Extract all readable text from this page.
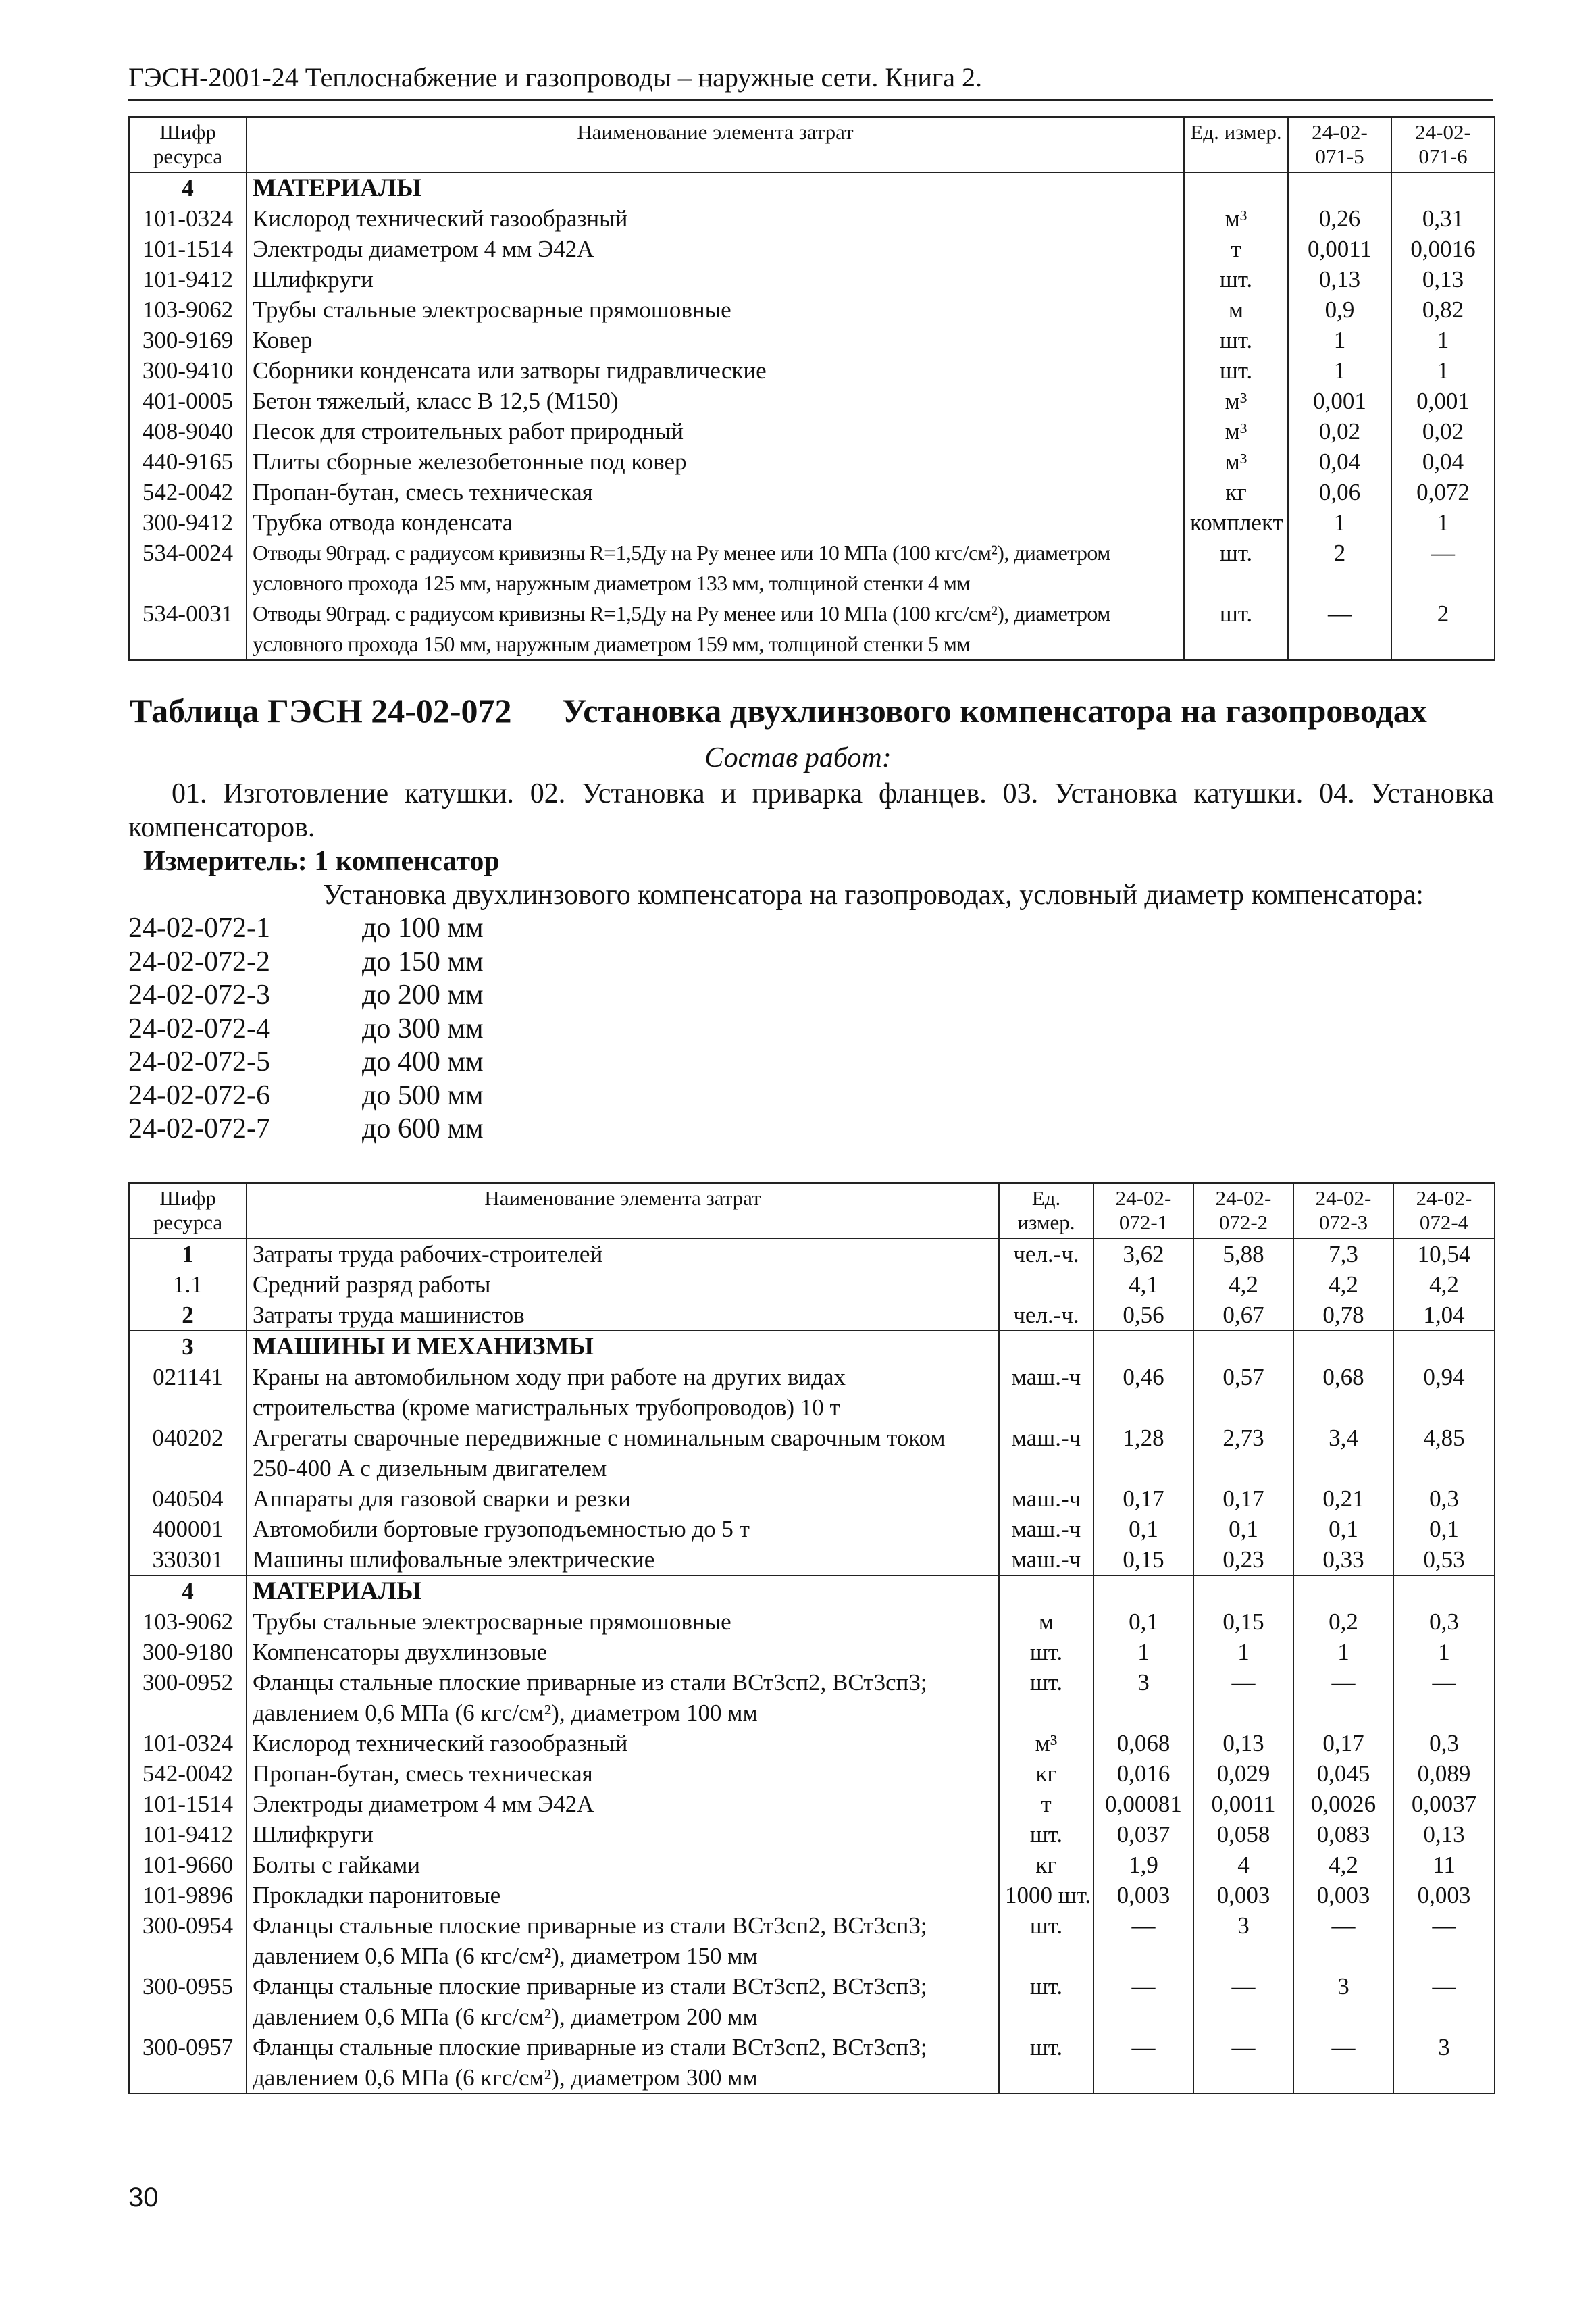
ГЭСН-2001-24 Теплоснабжение и газопроводы – наружные сети. Книга 2.
Шифр ресурса	Наименование элемента затрат	Ед. измер.	24-02-071-5	24-02-071-6
4	МАТЕРИАЛЫ			
101-0324	Кислород технический газообразный	м³	0,26	0,31
101-1514	Электроды диаметром 4 мм Э42А	т	0,0011	0,0016
101-9412	Шлифкруги	шт.	0,13	0,13
103-9062	Трубы стальные электросварные прямошовные	м	0,9	0,82
300-9169	Ковер	шт.	1	1
300-9410	Сборники конденсата или затворы гидравлические	шт.	1	1
401-0005	Бетон тяжелый, класс В 12,5 (М150)	м³	0,001	0,001
408-9040	Песок для строительных работ природный	м³	0,02	0,02
440-9165	Плиты сборные железобетонные под ковер	м³	0,04	0,04
542-0042	Пропан-бутан, смесь техническая	кг	0,06	0,072
300-9412	Трубка отвода конденсата	комплект	1	1
534-0024	Отводы 90град. с радиусом кривизны R=1,5Ду на Ру менее или 10 МПа (100 кгс/см²), диаметром условного прохода 125 мм, наружным диаметром 133 мм, толщиной стенки 4 мм	шт.	2	—
534-0031	Отводы 90град. с радиусом кривизны R=1,5Ду на Ру менее или 10 МПа (100 кгс/см²), диаметром условного прохода 150 мм, наружным диаметром 159 мм, толщиной стенки 5 мм	шт.	—	2
Таблица ГЭСН 24-02-072 Установка двухлинзового компенсатора на газопроводах
Состав работ:
01. Изготовление катушки. 02. Установка и приварка фланцев. 03. Установка катушки. 04. Установка компенсаторов.
Измеритель: 1 компенсатор
Установка двухлинзового компенсатора на газопроводах, условный диаметр компенсатора:
24-02-072-1	до 100 мм
24-02-072-2	до 150 мм
24-02-072-3	до 200 мм
24-02-072-4	до 300 мм
24-02-072-5	до 400 мм
24-02-072-6	до 500 мм
24-02-072-7	до 600 мм
Шифр ресурса	Наименование элемента затрат	Ед. измер.	24-02-072-1	24-02-072-2	24-02-072-3	24-02-072-4
1	Затраты труда рабочих-строителей	чел.-ч.	3,62	5,88	7,3	10,54
1.1	Средний разряд работы		4,1	4,2	4,2	4,2
2	Затраты труда машинистов	чел.-ч.	0,56	0,67	0,78	1,04
3	МАШИНЫ И МЕХАНИЗМЫ					
021141	Краны на автомобильном ходу при работе на других видах строительства (кроме магистральных трубопроводов) 10 т	маш.-ч	0,46	0,57	0,68	0,94
040202	Агрегаты сварочные передвижные с номинальным сварочным током 250-400 А с дизельным двигателем	маш.-ч	1,28	2,73	3,4	4,85
040504	Аппараты для газовой сварки и резки	маш.-ч	0,17	0,17	0,21	0,3
400001	Автомобили бортовые грузоподъемностью до 5 т	маш.-ч	0,1	0,1	0,1	0,1
330301	Машины шлифовальные электрические	маш.-ч	0,15	0,23	0,33	0,53
4	МАТЕРИАЛЫ					
103-9062	Трубы стальные электросварные прямошовные	м	0,1	0,15	0,2	0,3
300-9180	Компенсаторы двухлинзовые	шт.	1	1	1	1
300-0952	Фланцы стальные плоские приварные из стали ВСт3сп2, ВСт3сп3; давлением 0,6 МПа (6 кгс/см²), диаметром 100 мм	шт.	3	—	—	—
101-0324	Кислород технический газообразный	м³	0,068	0,13	0,17	0,3
542-0042	Пропан-бутан, смесь техническая	кг	0,016	0,029	0,045	0,089
101-1514	Электроды диаметром 4 мм Э42А	т	0,00081	0,0011	0,0026	0,0037
101-9412	Шлифкруги	шт.	0,037	0,058	0,083	0,13
101-9660	Болты с гайками	кг	1,9	4	4,2	11
101-9896	Прокладки паронитовые	1000 шт.	0,003	0,003	0,003	0,003
300-0954	Фланцы стальные плоские приварные из стали ВСт3сп2, ВСт3сп3; давлением 0,6 МПа (6 кгс/см²), диаметром 150 мм	шт.	—	3	—	—
300-0955	Фланцы стальные плоские приварные из стали ВСт3сп2, ВСт3сп3; давлением 0,6 МПа (6 кгс/см²), диаметром 200 мм	шт.	—	—	3	—
300-0957	Фланцы стальные плоские приварные из стали ВСт3сп2, ВСт3сп3; давлением 0,6 МПа (6 кгс/см²), диаметром 300 мм	шт.	—	—	—	3
30
